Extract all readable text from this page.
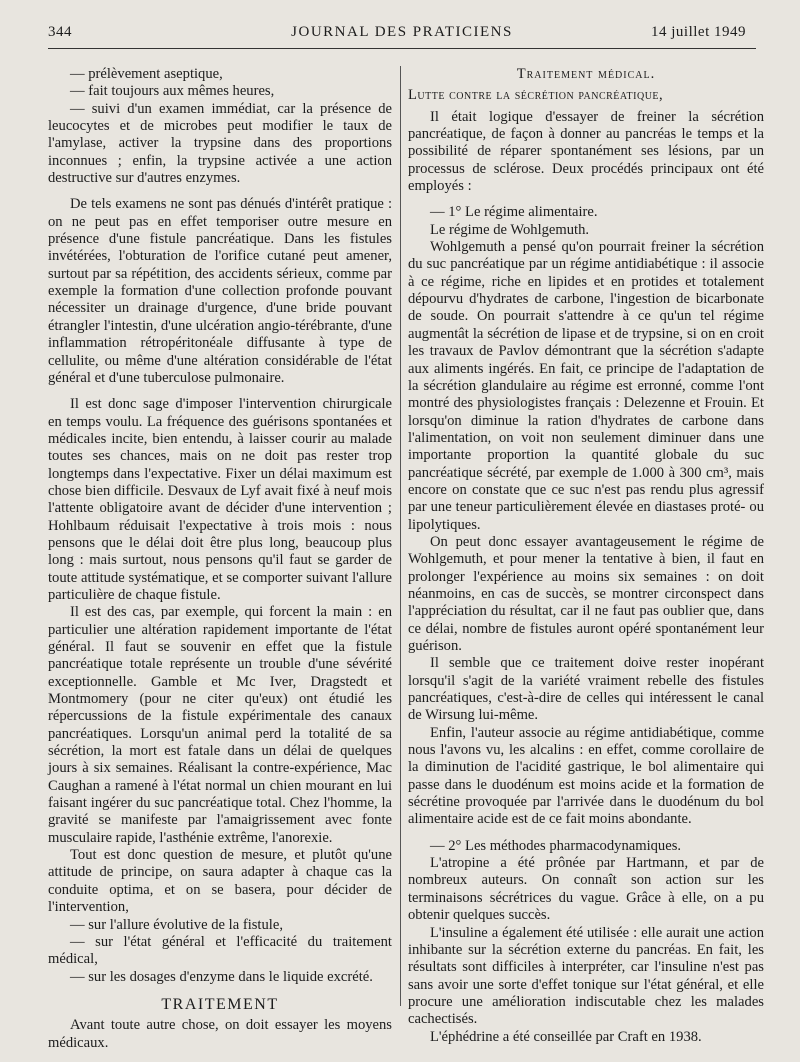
344	JOURNAL DES PRATICIENS	14 juillet 1949

— prélèvement aseptique,

— fait toujours aux mêmes heures,

— suivi d'un examen immédiat, car la présence de leucocytes et de microbes peut modifier le taux de l'amylase, activer la trypsine dans des proportions inconnues ; enfin, la trypsine activée a une action destructive sur d'autres enzymes.

De tels examens ne sont pas dénués d'intérêt pratique : on ne peut pas en effet temporiser outre mesure en présence d'une fistule pancréatique. Dans les fistules invétérées, l'obturation de l'orifice cutané peut amener, surtout par sa répétition, des accidents sérieux, comme par exemple la formation d'une collection profonde pouvant nécessiter un drainage d'urgence, d'une bride pouvant étrangler l'intestin, d'une ulcération angio-térébrante, d'une inflammation rétropéritonéale diffusante à type de cellulite, ou même d'une altération considérable de l'état général et d'une tuberculose pulmonaire.

Il est donc sage d'imposer l'intervention chirurgicale en temps voulu. La fréquence des guérisons spontanées et médicales incite, bien entendu, à laisser courir au malade toutes ses chances, mais on ne doit pas rester trop longtemps dans l'expectative. Fixer un délai maximum est chose bien difficile. Desvaux de Lyf avait fixé à neuf mois l'attente obligatoire avant de décider d'une intervention ; Hohlbaum réduisait l'expectative à trois mois : nous pensons que le délai doit être plus long, beaucoup plus long : mais surtout, nous pensons qu'il faut se garder de toute attitude systématique, et se comporter suivant l'allure particulière de chaque fistule.

Il est des cas, par exemple, qui forcent la main : en particulier une altération rapidement importante de l'état général. Il faut se souvenir en effet que la fistule pancréatique totale représente un trouble d'une sévérité exceptionnelle. Gamble et Mc Iver, Dragstedt et Montmomery (pour ne citer qu'eux) ont étudié les répercussions de la fistule expérimentale des canaux pancréatiques. Lorsqu'un animal perd la totalité de sa sécrétion, la mort est fatale dans un délai de quelques jours à six semaines. Réalisant la contre-expérience, Mac Caughan a ramené à l'état normal un chien mourant en lui faisant ingérer du suc pancréatique total. Chez l'homme, la gravité se manifeste par l'amaigrissement avec fonte musculaire rapide, l'asthénie extrême, l'anorexie.

Tout est donc question de mesure, et plutôt qu'une attitude de principe, on saura adapter à chaque cas la conduite optima, et on se basera, pour décider de l'intervention,

— sur l'allure évolutive de la fistule,

— sur l'état général et l'efficacité du traitement médical,

— sur les dosages d'enzyme dans le liquide excrété.

TRAITEMENT

Avant toute autre chose, on doit essayer les moyens médicaux.

Traitement médical.
Lutte contre la sécrétion pancréatique,

Il était logique d'essayer de freiner la sécrétion pancréatique, de façon à donner au pancréas le temps et la possibilité de réparer spontanément ses lésions, par un processus de sclérose. Deux procédés principaux ont été employés :

— 1° Le régime alimentaire.

Le régime de Wohlgemuth.

Wohlgemuth a pensé qu'on pourrait freiner la sécrétion du suc pancréatique par un régime antidiabétique : il associe à ce régime, riche en lipides et en protides et totalement dépourvu d'hydrates de carbone, l'ingestion de bicarbonate de soude. On pourrait s'attendre à ce qu'un tel régime augmentât la sécrétion de lipase et de trypsine, si on en croit les travaux de Pavlov démontrant que la sécrétion s'adapte aux aliments ingérés. En fait, ce principe de l'adaptation de la sécrétion glandulaire au régime est erronné, comme l'ont montré des physiologistes français : Delezenne et Frouin. Et lorsqu'on diminue la ration d'hydrates de carbone dans l'alimentation, on voit non seulement diminuer dans une importante proportion la quantité globale du suc pancréatique sécrété, par exemple de 1.000 à 300 cm³, mais encore on constate que ce suc n'est pas rendu plus agressif par une teneur particulièrement élevée en diastases proté- ou lipolytiques.

On peut donc essayer avantageusement le régime de Wohlgemuth, et pour mener la tentative à bien, il faut en prolonger l'expérience au moins six semaines : on doit néanmoins, en cas de succès, se montrer circonspect dans l'appréciation du résultat, car il ne faut pas oublier que, dans ce délai, nombre de fistules auront opéré spontanément leur guérison.

Il semble que ce traitement doive rester inopérant lorsqu'il s'agit de la variété vraiment rebelle des fistules pancréatiques, c'est-à-dire de celles qui intéressent le canal de Wirsung lui-même.

Enfin, l'auteur associe au régime antidiabétique, comme nous l'avons vu, les alcalins : en effet, comme corollaire de la diminution de l'acidité gastrique, le bol alimentaire qui passe dans le duodénum est moins acide et la formation de sécrétine provoquée par l'arrivée dans le duodénum du bol alimentaire acide est de ce fait moins abondante.

— 2° Les méthodes pharmacodynamiques.

L'atropine a été prônée par Hartmann, et par de nombreux auteurs. On connaît son action sur les terminaisons sécrétrices du vague. Grâce à elle, on a pu obtenir quelques succès.

L'insuline a également été utilisée : elle aurait une action inhibante sur la sécrétion externe du pancréas. En fait, les résultats sont difficiles à interpréter, car l'insuline n'est pas sans avoir une sorte d'effet tonique sur l'état général, et elle procure une amélioration indiscutable chez les malades cachectisés.

L'éphédrine a été conseillée par Craft en 1938.
